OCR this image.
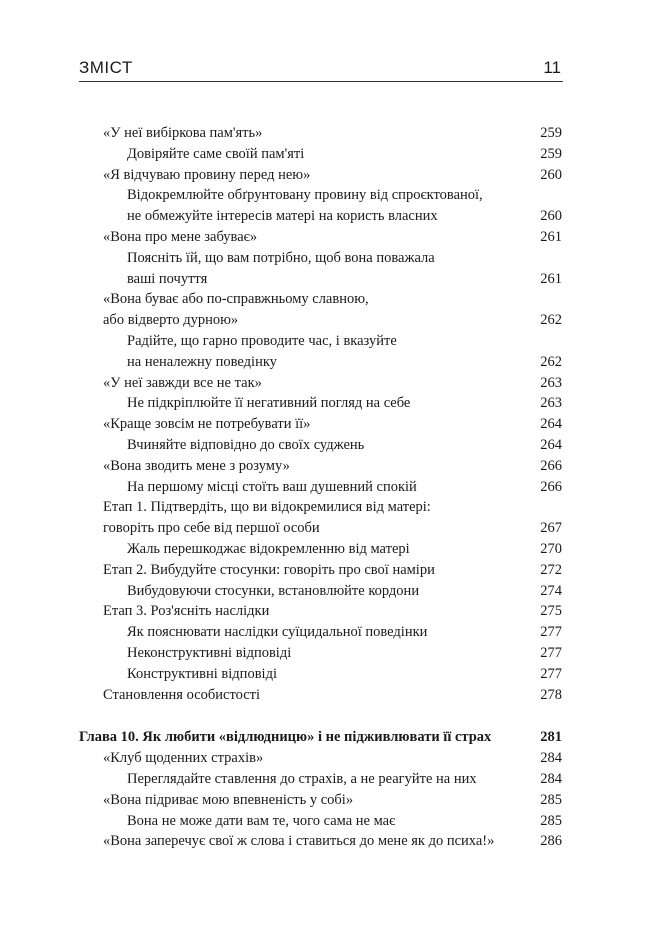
ЗМІСТ	11
«У неї вибіркова пам'ять»	259
Довіряйте саме своїй пам'яті	259
«Я відчуваю провину перед нею»	260
Відокремлюйте обґрунтовану провину від спроєктованої,
не обмежуйте інтересів матері на користь власних	260
«Вона про мене забуває»	261
Поясніть їй, що вам потрібно, щоб вона поважала
ваші почуття	261
«Вона буває або по-справжньому славною,
або відверто дурною»	262
Радійте, що гарно проводите час, і вказуйте
на неналежну поведінку	262
«У неї завжди все не так»	263
Не підкріплюйте її негативний погляд на себе	263
«Краще зовсім не потребувати її»	264
Вчиняйте відповідно до своїх суджень	264
«Вона зводить мене з розуму»	266
На першому місці стоїть ваш душевний спокій	266
Етап 1. Підтвердіть, що ви відокремилися від матері:
говоріть про себе від першої особи	267
Жаль перешкоджає відокремленню від матері	270
Етап 2. Вибудуйте стосунки: говоріть про свої наміри	272
Вибудовуючи стосунки, встановлюйте кордони	274
Етап 3. Роз'ясніть наслідки	275
Як пояснювати наслідки суїцидальної поведінки	277
Неконструктивні відповіді	277
Конструктивні відповіді	277
Становлення особистості	278
Глава 10. Як любити «відлюдницю» і не підживлювати її страх	281
«Клуб щоденних страхів»	284
Переглядайте ставлення до страхів, а не реагуйте на них	284
«Вона підриває мою впевненість у собі»	285
Вона не може дати вам те, чого сама не має	285
«Вона заперечує свої ж слова і ставиться до мене як до психа!»	286
